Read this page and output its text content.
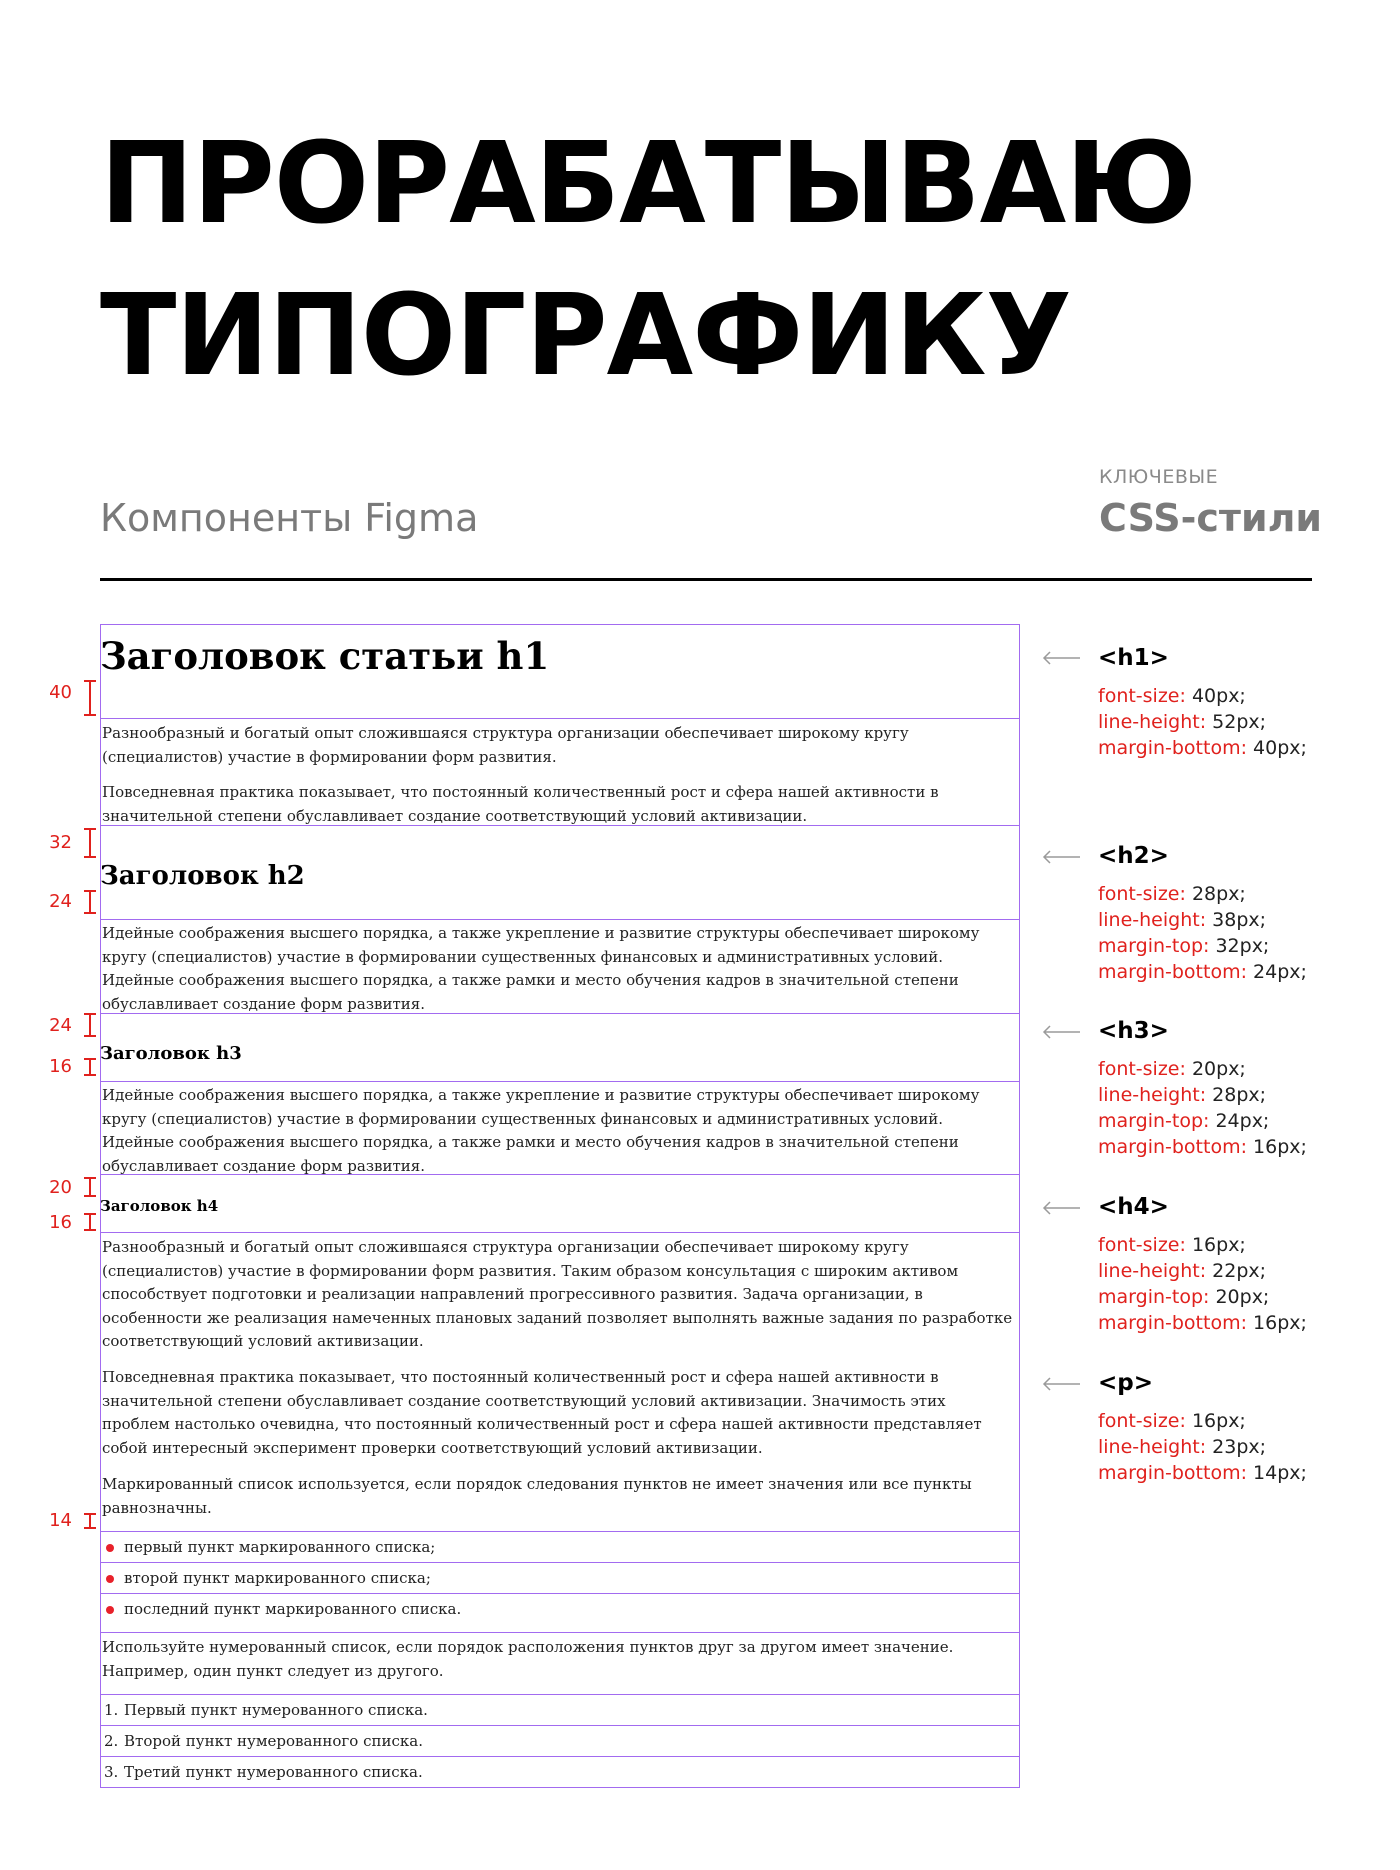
ПРОРАБАТЫВАЮ
ТИПОГРАФИКУ
Компоненты Figma
КЛЮЧЕВЫЕ
CSS-стили
Заголовок статьи h1

Разнообразный и богатый опыт сложившаяся структура организации обеспечивает широкому кругу (специалистов) участие в формировании форм развития.

Повседневная практика показывает, что постоянный количественный рост и сфера нашей активности в значительной степени обуславливает создание соответствующий условий активизации.

Заголовок h2

Идейные соображения высшего порядка, а также укрепление и развитие структуры обеспечивает широкому кругу (специалистов) участие в формировании существенных финансовых и административных условий. Идейные соображения высшего порядка, а также рамки и место обучения кадров в значительной степени обуславливает создание форм развития.

Заголовок h3

Идейные соображения высшего порядка, а также укрепление и развитие структуры обеспечивает широкому кругу (специалистов) участие в формировании существенных финансовых и административных условий. Идейные соображения высшего порядка, а также рамки и место обучения кадров в значительной степени обуславливает создание форм развития.

Заголовок h4

Разнообразный и богатый опыт сложившаяся структура организации обеспечивает широкому кругу (специалистов) участие в формировании форм развития. Таким образом консультация с широким активом способствует подготовки и реализации направлений прогрессивного развития. Задача организации, в особенности же реализация намеченных плановых заданий позволяет выполнять важные задания по разработке соответствующий условий активизации.

Повседневная практика показывает, что постоянный количественный рост и сфера нашей активности в значительной степени обуславливает создание соответствующий условий активизации. Значимость этих проблем настолько очевидна, что постоянный количественный рост и сфера нашей активности представляет собой интересный эксперимент проверки соответствующий условий активизации.

Маркированный список используется, если порядок следования пунктов не имеет значения или все пункты равнозначны.

первый пункт маркированного списка;
второй пункт маркированного списка;
последний пункт маркированного списка.

Используйте нумерованный список, если порядок расположения пунктов друг за другом имеет значение. Например, один пункт следует из другого.

1. Первый пункт нумерованного списка.
2. Второй пункт нумерованного списка.
3. Третий пункт нумерованного списка.
40
32
24
24
16
20
16
14
<h1>
font-size: 40px;
line-height: 52px;
margin-bottom: 40px;
<h2>
font-size: 28px;
line-height: 38px;
margin-top: 32px;
margin-bottom: 24px;
<h3>
font-size: 20px;
line-height: 28px;
margin-top: 24px;
margin-bottom: 16px;
<h4>
font-size: 16px;
line-height: 22px;
margin-top: 20px;
margin-bottom: 16px;
<p>
font-size: 16px;
line-height: 23px;
margin-bottom: 14px;
